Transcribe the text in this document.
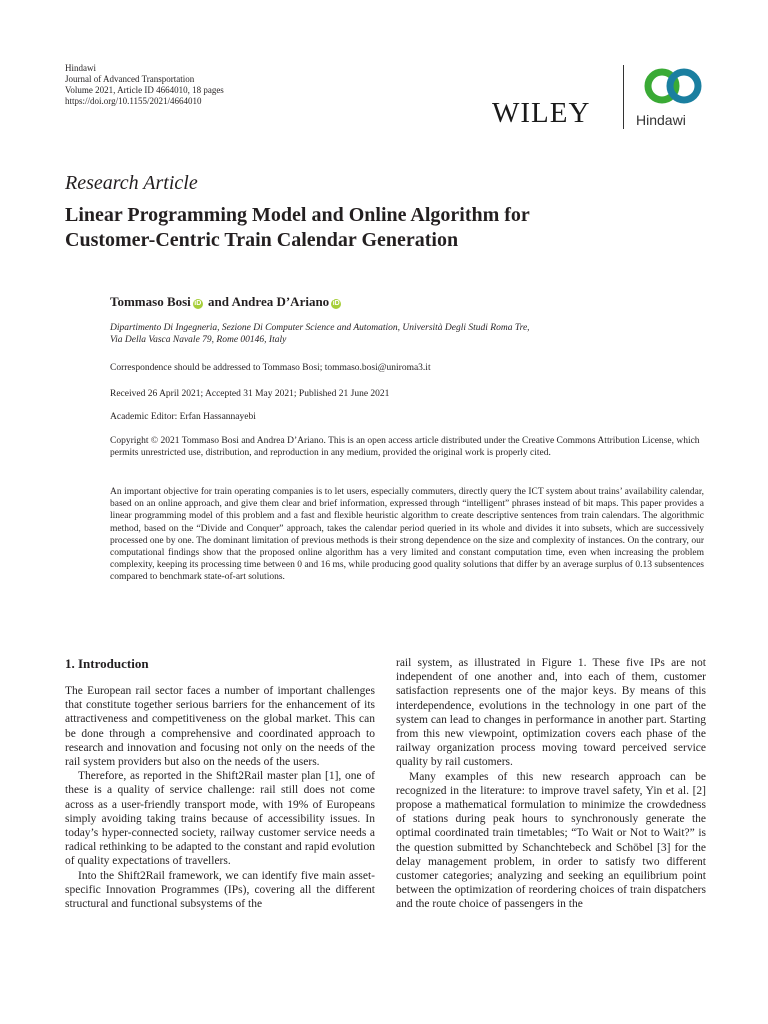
Hindawi
Journal of Advanced Transportation
Volume 2021, Article ID 4664010, 18 pages
https://doi.org/10.1155/2021/4664010	WILEY	Hindawi
Research Article
Linear Programming Model and Online Algorithm for
Customer-Centric Train Calendar Generation
Tommaso Bosi iD and Andrea D’Ariano iD
Dipartimento Di Ingegneria, Sezione Di Computer Science and Automation, Università Degli Studi Roma Tre,
Via Della Vasca Navale 79, Rome 00146, Italy
Correspondence should be addressed to Tommaso Bosi; tommaso.bosi@uniroma3.it
Received 26 April 2021; Accepted 31 May 2021; Published 21 June 2021
Academic Editor: Erfan Hassannayebi
Copyright © 2021 Tommaso Bosi and Andrea D’Ariano. This is an open access article distributed under the Creative Commons Attribution License, which permits unrestricted use, distribution, and reproduction in any medium, provided the original work is properly cited.
An important objective for train operating companies is to let users, especially commuters, directly query the ICT system about trains’ availability calendar, based on an online approach, and give them clear and brief information, expressed through “intelligent” phrases instead of bit maps. This paper provides a linear programming model of this problem and a fast and flexible heuristic algorithm to create descriptive sentences from train calendars. The algorithmic method, based on the “Divide and Conquer” approach, takes the calendar period queried in its whole and divides it into subsets, which are successively processed one by one. The dominant limitation of previous methods is their strong dependence on the size and complexity of instances. On the contrary, our computational findings show that the proposed online algorithm has a very limited and constant computation time, even when increasing the problem complexity, keeping its processing time between 0 and 16 ms, while producing good quality solutions that differ by an average surplus of 0.13 subsentences compared to benchmark state-of-art solutions.
1. Introduction

The European rail sector faces a number of important challenges that constitute together serious barriers for the enhancement of its attractiveness and competitiveness on the global market. This can be done through a comprehensive and coordinated approach to research and innovation and focusing not only on the needs of the rail system providers but also on the needs of the users.

Therefore, as reported in the Shift2Rail master plan [1], one of these is a quality of service challenge: rail still does not come across as a user-friendly transport mode, with 19% of Europeans simply avoiding taking trains because of accessibility issues. In today’s hyper-connected society, railway customer service needs a radical rethinking to be adapted to the constant and rapid evolution of quality expectations of travellers.

Into the Shift2Rail framework, we can identify five main asset-specific Innovation Programmes (IPs), covering all the different structural and functional subsystems of the

rail system, as illustrated in Figure 1. These five IPs are not independent of one another and, into each of them, customer satisfaction represents one of the major keys. By means of this interdependence, evolutions in the technology in one part of the system can lead to changes in performance in another part. Starting from this new viewpoint, optimization covers each phase of the railway organization process moving toward perceived service quality by rail customers.

Many examples of this new research approach can be recognized in the literature: to improve travel safety, Yin et al. [2] propose a mathematical formulation to minimize the crowdedness of stations during peak hours to synchronously generate the optimal coordinated train timetables; “To Wait or Not to Wait?” is the question submitted by Schanchtebeck and Schöbel [3] for the delay management problem, in order to satisfy two different customer categories; analyzing and seeking an equilibrium point between the optimization of reordering choices of train dispatchers and the route choice of passengers in the
